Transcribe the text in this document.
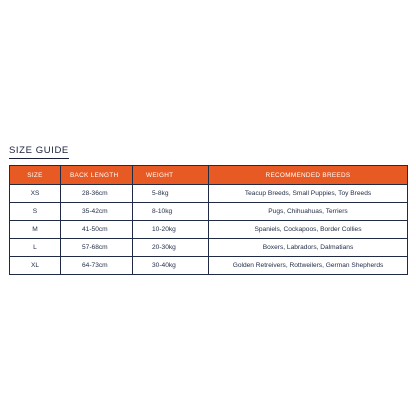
SIZE GUIDE
SIZE	BACK LENGTH	WEIGHT	RECOMMENDED BREEDS
XS	28-36cm	5-8kg	Teacup Breeds, Small Puppies, Toy Breeds
S	35-42cm	8-10kg	Pugs, Chihuahuas, Terriers
M	41-50cm	10-20kg	Spaniels, Cockapoos, Border Collies
L	57-68cm	20-30kg	Boxers, Labradors, Dalmatians
XL	64-73cm	30-40kg	Golden Retreivers, Rottweilers, German Shepherds
